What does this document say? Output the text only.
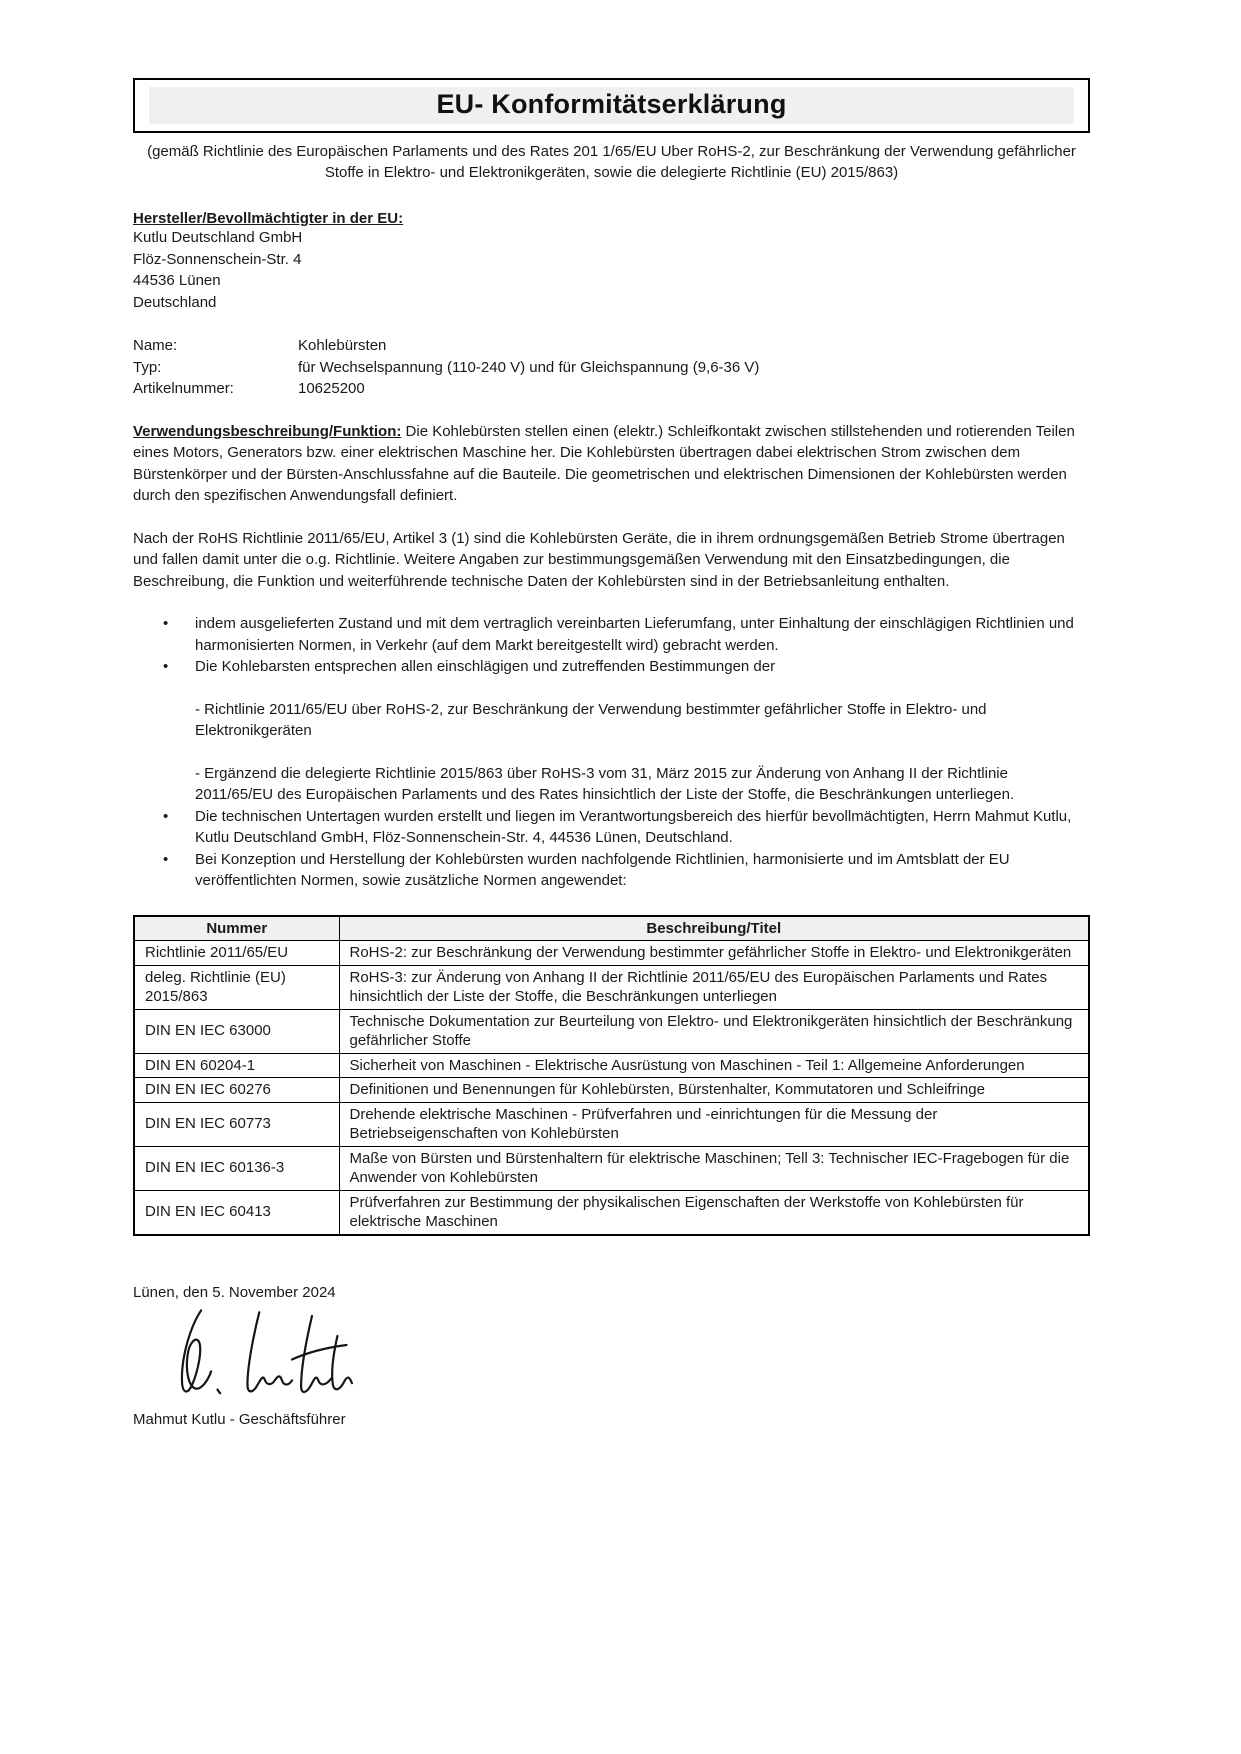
EU- Konformitätserklärung
(gemäß Richtlinie des Europäischen Parlaments und des Rates 201 1/65/EU Uber RoHS-2, zur Beschränkung der Verwendung gefährlicher Stoffe in Elektro- und Elektronikgeräten, sowie die delegierte Richtlinie (EU) 2015/863)
Hersteller/Bevollmächtigter in der EU:
Kutlu Deutschland GmbH
Flöz-Sonnenschein-Str. 4
44536 Lünen
Deutschland
Name:	Kohlebürsten
Typ:	für Wechselspannung (110-240 V) und für Gleichspannung (9,6-36 V)
Artikelnummer:	10625200

Verwendungsbeschreibung/Funktion: Die Kohlebürsten stellen einen (elektr.) Schleifkontakt zwischen stillstehenden und rotierenden Teilen eines Motors, Generators bzw. einer elektrischen Maschine her. Die Kohlebürsten übertragen dabei elektrischen Strom zwischen dem Bürstenkörper und der Bürsten-Anschlussfahne auf die Bauteile. Die geometrischen und elektrischen Dimensionen der Kohlebürsten werden durch den spezifischen Anwendungsfall definiert.

Nach der RoHS Richtlinie 2011/65/EU, Artikel 3 (1) sind die Kohlebürsten Geräte, die in ihrem ordnungsgemäßen Betrieb Strome übertragen und fallen damit unter die o.g. Richtlinie. Weitere Angaben zur bestimmungsgemäßen Verwendung mit den Einsatzbedingungen, die Beschreibung, die Funktion und weiterführende technische Daten der Kohlebürsten sind in der Betriebsanleitung enthalten.

•	indem ausgelieferten Zustand und mit dem vertraglich vereinbarten Lieferumfang, unter Einhaltung der einschlägigen Richtlinien und harmonisierten Normen, in Verkehr (auf dem Markt bereitgestellt wird) gebracht werden.
•	Die Kohlebarsten entsprechen allen einschlägigen und zutreffenden Bestimmungen der
- Richtlinie 2011/65/EU über RoHS-2, zur Beschränkung der Verwendung bestimmter gefährlicher Stoffe in Elektro- und Elektronikgeräten
- Ergänzend die delegierte Richtlinie 2015/863 über RoHS-3 vom 31, März 2015 zur Änderung von Anhang II der Richtlinie 2011/65/EU des Europäischen Parlaments und des Rates hinsichtlich der Liste der Stoffe, die Beschränkungen unterliegen.
•	Die technischen Untertagen wurden erstellt und liegen im Verantwortungsbereich des hierfür bevollmächtigten, Herrn Mahmut Kutlu, Kutlu Deutschland GmbH, Flöz-Sonnenschein-Str. 4, 44536 Lünen, Deutschland.
•	Bei Konzeption und Herstellung der Kohlebürsten wurden nachfolgende Richtlinien, harmonisierte und im Amtsblatt der EU veröffentlichten Normen, sowie zusätzliche Normen angewendet:
Nummer	Beschreibung/Titel
Richtlinie 2011/65/EU	RoHS-2: zur Beschränkung der Verwendung bestimmter gefährlicher Stoffe in Elektro- und Elektronikgeräten
deleg. Richtlinie (EU) 2015/863	RoHS-3: zur Änderung von Anhang II der Richtlinie 2011/65/EU des Europäischen Parlaments und Rates hinsichtlich der Liste der Stoffe, die Beschränkungen unterliegen
DIN EN IEC 63000	Technische Dokumentation zur Beurteilung von Elektro- und Elektronikgeräten hinsichtlich der Beschränkung gefährlicher Stoffe
DIN EN 60204-1	Sicherheit von Maschinen - Elektrische Ausrüstung von Maschinen - Teil 1: Allgemeine Anforderungen
DIN EN IEC 60276	Definitionen und Benennungen für Kohlebürsten, Bürstenhalter, Kommutatoren und Schleifringe
DIN EN IEC 60773	Drehende elektrische Maschinen - Prüfverfahren und -einrichtungen für die Messung der Betriebseigenschaften von Kohlebürsten
DIN EN IEC 60136-3	Maße von Bürsten und Bürstenhaltern für elektrische Maschinen; Tell 3: Technischer IEC-Fragebogen für die Anwender von Kohlebürsten
DIN EN IEC 60413	Prüfverfahren zur Bestimmung der physikalischen Eigenschaften der Werkstoffe von Kohlebürsten für elektrische Maschinen
Lünen, den 5. November 2024
Mahmut Kutlu - Geschäftsführer
